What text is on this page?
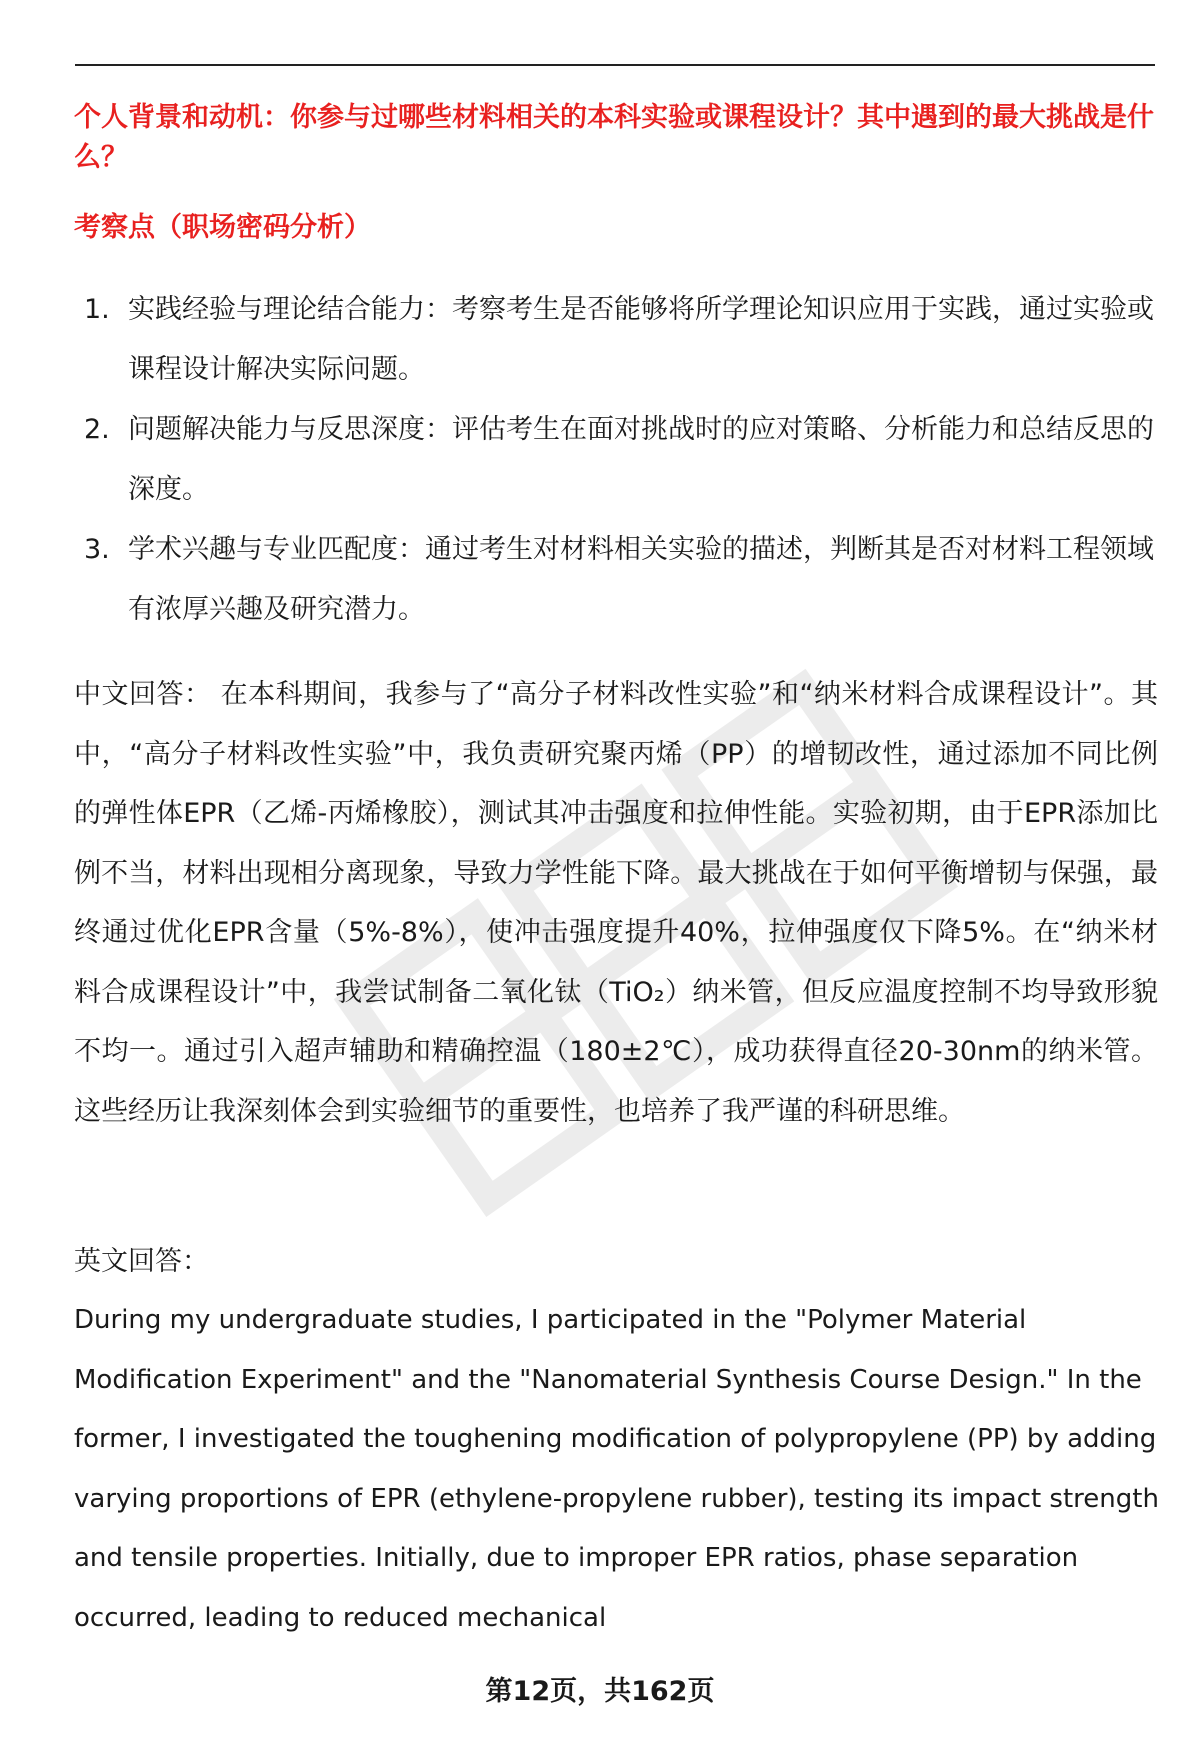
个人背景和动机：你参与过哪些材料相关的本科实验或课程设计？其中遇到的最大挑战是什么？
考察点（职场密码分析）
1. 实践经验与理论结合能力：考察考生是否能够将所学理论知识应用于实践，通过实验或课程设计解决实际问题。
2. 问题解决能力与反思深度：评估考生在面对挑战时的应对策略、分析能力和总结反思的深度。
3. 学术兴趣与专业匹配度：通过考生对材料相关实验的描述，判断其是否对材料工程领域有浓厚兴趣及研究潜力。

中文回答： 在本科期间，我参与了“高分子材料改性实验”和“纳米材料合成课程设计”。其中，“高分子材料改性实验”中，我负责研究聚丙烯（PP）的增韧改性，通过添加不同比例的弹性体EPR（乙烯-丙烯橡胶），测试其冲击强度和拉伸性能。实验初期，由于EPR添加比例不当，材料出现相分离现象，导致力学性能下降。最大挑战在于如何平衡增韧与保强，最终通过优化EPR含量（5%-8%），使冲击强度提升40%，拉伸强度仅下降5%。在“纳米材料合成课程设计”中，我尝试制备二氧化钛（TiO₂）纳米管，但反应温度控制不均导致形貌不均一。通过引入超声辅助和精确控温（180±2℃），成功获得直径20-30nm的纳米管。这些经历让我深刻体会到实验细节的重要性，也培养了我严谨的科研思维。

英文回答：

During my undergraduate studies, I participated in the "Polymer Material Modification Experiment" and the "Nanomaterial Synthesis Course Design." In the former, I investigated the toughening modification of polypropylene (PP) by adding varying proportions of EPR (ethylene-propylene rubber), testing its impact strength and tensile properties. Initially, due to improper EPR ratios, phase separation occurred, leading to reduced mechanical

第12页，共162页
